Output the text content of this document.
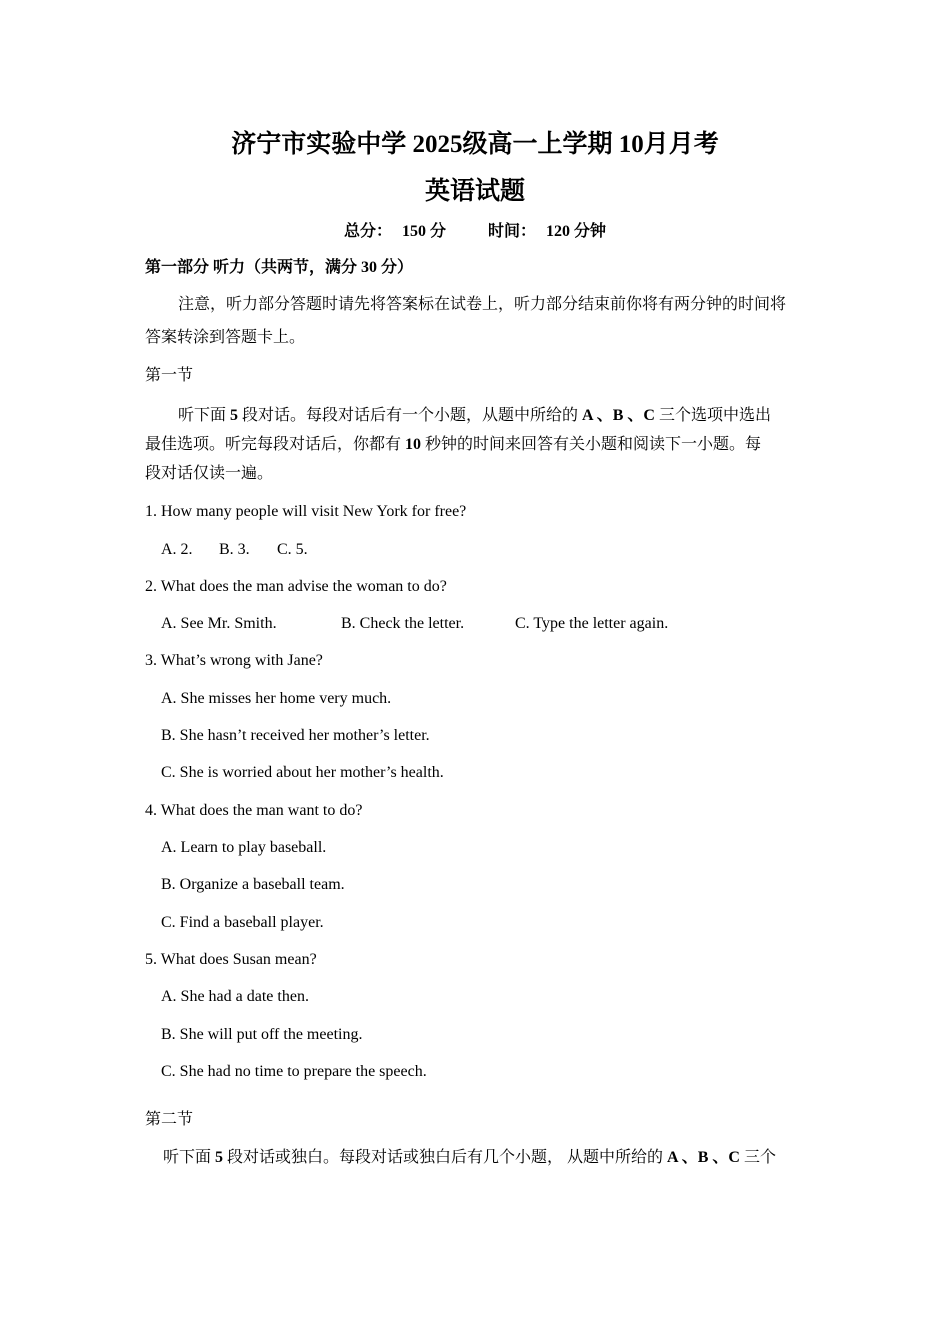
济宁市实验中学 2025级高一上学期 10月月考
英语试题
总分： 150 分	时间： 120 分钟
第一部分 听力（共两节，满分 30 分）
注意，听力部分答题时请先将答案标在试卷上，听力部分结束前你将有两分钟的时间将
答案转涂到答题卡上。
第一节
听下面 5 段对话。每段对话后有一个小题，从题中所给的 A 、B 、C 三个选项中选出
最佳选项。听完每段对话后，你都有 10 秒钟的时间来回答有关小题和阅读下一小题。每
段对话仅读一遍。
1. How many people will visit New York for free?
A. 2. B. 3. C. 5.
2. What does the man advise the woman to do?
A. See Mr. Smith.	B. Check the letter.	C. Type the letter again.
3. What’s wrong with Jane?
A. She misses her home very much.
B. She hasn’t received her mother’s letter.
C. She is worried about her mother’s health.
4. What does the man want to do?
A. Learn to play baseball.
B. Organize a baseball team.
C. Find a baseball player.
5. What does Susan mean?
A. She had a date then.
B. She will put off the meeting.
C. She had no time to prepare the speech.
第二节
听下面 5 段对话或独白。每段对话或独白后有几个小题， 从题中所给的 A 、B 、C 三个
